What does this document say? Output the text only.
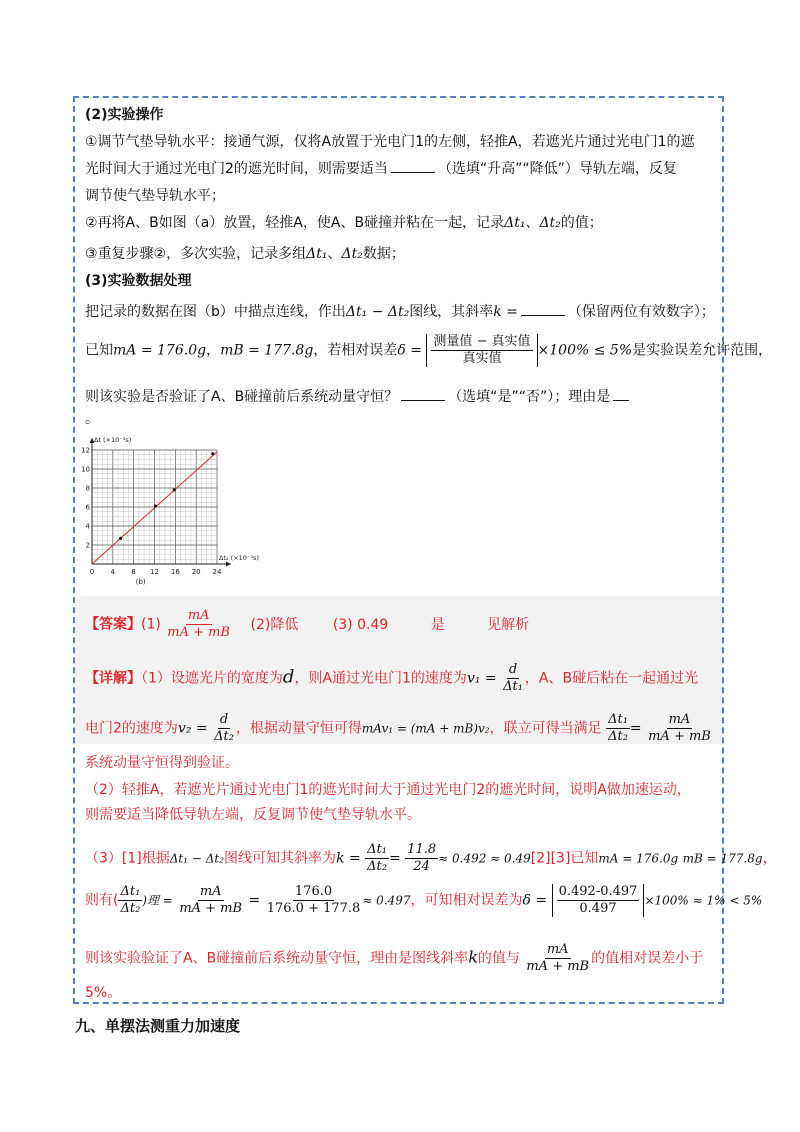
(2)实验操作
①调节气垫导轨水平：接通气源，仅将A放置于光电门1的左侧，轻推A，若遮光片通过光电门1的遮
光时间大于通过光电门2的遮光时间，则需要适当	（选填“升高”“降低”）导轨左端，反复
调节使气垫导轨水平；
②再将A、B如图（a）放置，轻推A，使A、B碰撞并粘在一起，记录Δt₁、Δt₂的值；
③重复步骤②，多次实验，记录多组Δt₁、Δt₂数据；
(3)实验数据处理
把记录的数据在图（b）中描点连线，作出Δt₁ − Δt₂图线，其斜率k =	（保留两位有效数字）；
已知mA = 176.0g，mB = 177.8g，若相对误差$\delta = \frac{\text{测量值 − 真实值}}{\text{真实值}} \times 100\% \le 5\%$是实验误差允许范围，
则该实验是否验证了A、B碰撞前后系统动量守恒？	（选填“是”“否”）；理由是
。
0 4 8 12 16 20 24
2
4
6
8
10
12
Δt (×10⁻³s)
Δt₂ (×10⁻³s)
(b)
【答案】$(1) \frac{mA}{mA + mB} (2)$降低 (3) 0.49	是	见解析
【详解】（1）设遮光片的宽度为d，则A通过光电门1的速度为$v_1 = \frac{d}{\text{Δt₁}}$ ，A、B碰后粘在一起通过光
电门2的速度为$v_2 = \frac{d}{\text{Δt₂}}$ ，根据动量守恒可得mAv₁ = (mA + mB)v₂，联立可得当满足 $\frac{\text{Δt₁}}{\text{Δt₂}} = \frac{mA}{mA + mB}$
系统动量守恒得到验证。
（2）轻推A，若遮光片通过光电门1的遮光时间大于通过光电门2的遮光时间，说明A做加速运动，
则需要适当降低导轨左端，反复调节使气垫导轨水平。
（3）[1]根据Δt₁ − Δt₂图线可知其斜率为$k = \frac{\text{Δt₁}}{\text{Δt₂}} = \frac{11.8}{24} \approx 0.492 \approx 0.49[2][3]$已知mA = 176.0g mB = 177.8g，
则有( $\frac{\text{Δt₁}}{\text{Δt₂}}$ )理 = $\frac{mA}{mA + mB} = \frac{176.0}{176.0 + 177.8} \approx 0.497$，可知相对误差为$\delta = \frac{0.492-0.497}{0.497} \times 100\% \approx 1\% < 5\%$
则该实验验证了A、B碰撞前后系统动量守恒，理由是图线斜率k的值与 $\frac{mA}{mA + mB}$ 的值相对误差小于
5%。
九、单摆法测重力加速度
